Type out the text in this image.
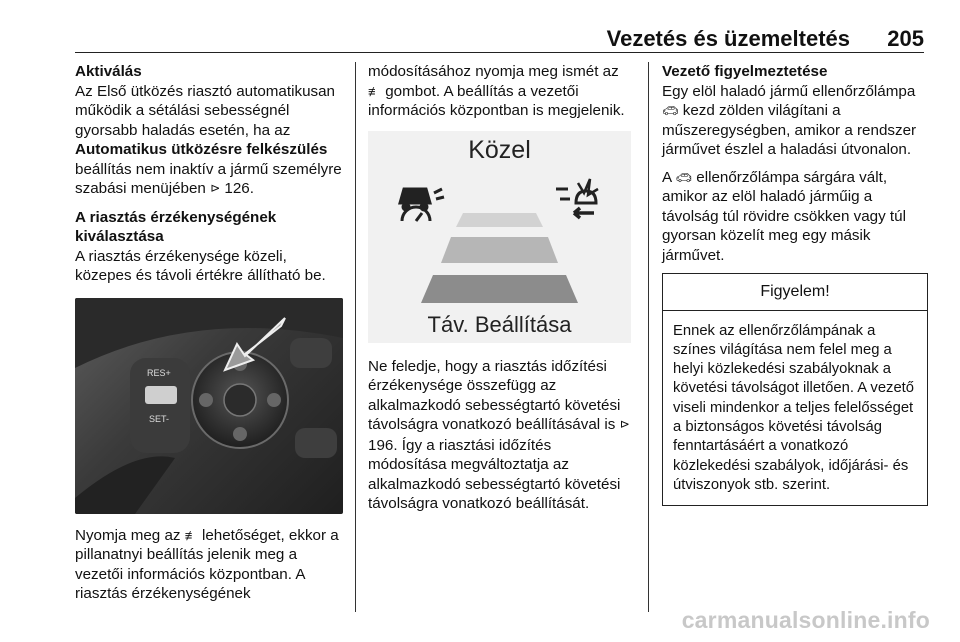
Vezetés és üzemeltetés 205
Aktiválás

Az Első ütközés riasztó automatikusan működik a sétálási sebességnél gyorsabb haladás esetén, ha az Automatikus ütközésre felkészülés beállítás nem inaktív a jármű személyre szabási menüjében ⊳ 126.

A riasztás érzékenységének kiválasztása

A riasztás érzékenysége közeli, közepes és távoli értékre állítható be.

RES+
SET-

Nyomja meg az ≢ lehetőséget, ekkor a pillanatnyi beállítás jelenik meg a vezetői információs központban. A riasztás érzékenységének

módosításához nyomja meg ismét az ≢ gombot. A beállítás a vezetői információs központban is megjelenik.

Közel
Táv. Beállítása

Ne feledje, hogy a riasztás időzítési érzékenysége összefügg az alkalmazkodó sebességtartó követési távolságra vonatkozó beállításával is ⊳ 196. Így a riasztási időzítés módosítása megváltoztatja az alkalmazkodó sebességtartó követési távolságra vonatkozó beállítását.

Vezető figyelmeztetése

Egy elöl haladó jármű ellenőrzőlámpa 🚗︎ kezd zölden világítani a műszeregységben, amikor a rendszer járművet észlel a haladási útvonalon.

A 🚗︎ ellenőrzőlámpa sárgára vált, amikor az elöl haladó járműig a távolság túl rövidre csökken vagy túl gyorsan közelít meg egy másik járművet.

Figyelem!
Ennek az ellenőrzőlámpának a színes világítása nem felel meg a helyi közlekedési szabályoknak a követési távolságot illetően. A vezető viseli mindenkor a teljes felelősséget a biztonságos követési távolság fenntartásáért a vonatkozó közlekedési szabályok, időjárási- és útviszonyok stb. szerint.
carmanualsonline.info
